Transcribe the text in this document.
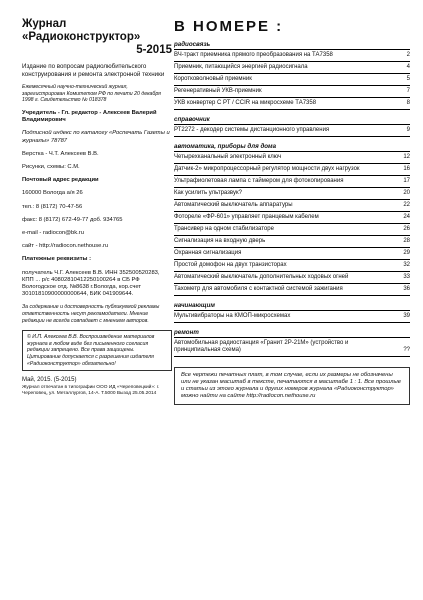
Журнал «Радиоконструктор»
5-2015
Издание по вопросам радиолюбительского конструирования и ремонта электронной техники
Ежемесячный научно-технический журнал, зарегистрирован Комитетом РФ по печати 20 декабря 1998 г. Свидетельство № 018378
Учредитель - Гл. редактор - Алексеев Валерий Владимирович
Подписной индекс по каталогу «Роспечать Газеты и журналы» 78787
Верстка - Ч.Т. Алексеев В.В.
Рисунки, схемы: С.М.
Почтовый адрес редакции
160000 Вологда а/я 26
тел.: 8 (8172) 70-47-56
факс: 8 (8172) 672-49-77 доб. 934765
e-mail - radiocon@bk.ru
сайт - http://radiocon.nethouse.ru
Платежные реквизиты :
получатель Ч.Г. Алексеев В.В. ИНН 352500520283, КПП ... р/с 40802810412250100264 в СБ РФ Вологодское отд. №8638 г.Вологда, кор.счет 30101810900000000644, БИК 041909644.
За содержание и достоверность публикуемой рекламы ответственность несут рекламодатели. Мнение редакции не всегда совпадает с мнением авторов.
© И.П. Алексеев В.В. Воспроизведение материалов журнала в любом виде без письменного согласия редакции запрещено. Все права защищены. Цитирование допускается с разрешения издателя «Радиоконструктор» обязательно!
Май, 2015. (5-2015)
Журнал отпечатан в типографии ООО ИД «Череповецкий»: г. Череповец, ул. Металлургов, 14-А. Т.5000 Вызод 25.05.2014
В НОМЕРЕ :
радиосвязь
ВЧ-тракт приемника прямого преобразования на ТА7358	2
Приемник, питающийся энергией радиосигнала	4
Коротковолновый приемник	5
Регенеративный УКВ-приемник	7
УКВ конвертер С РТ / ССIR на микросхеме ТА7358	8
справочник
РТ2272 - декодер системы дистанционного управления	9
автоматика, приборы для дома
Четырехканальный электронный ключ	12
Датчик-2» микропроцессорный регулятор мощности двух нагрузок	16
Ультрафиолетовая лампа с таймером для фотокопирования	17
Как усилить ультразвук?	20
Автоматический выключатель аппаратуры	22
Фотореле «ФР-601» управляет пранцевым кабелем	24
Трансивер на одном стабилизаторе	26
Сигнализация на входную дверь	28
Охранная сигнализация	29
Простой домофон на двух транзисторах	32
Автоматический выключатель дополнительных ходовых огней	33
Тахометр для автомобиля с контактной системой зажигания	36
начинающим
Мультивибраторы на КМОП-микросхемах	39
ремонт
Автомобильная радиостанция «Гранит 2Р-21М» (устройство и принципиальная схема)	??
Все чертежи печатных плат, в том случае, если их размеры не обозначены или не указан масштаб в тексте, печатаются в масштабе 1 : 1. Все прошлые и статьи из этого журнала и других номеров журнала «Радиоконструктор» можно найти на сайте http://radiocon.nethouse.ru
